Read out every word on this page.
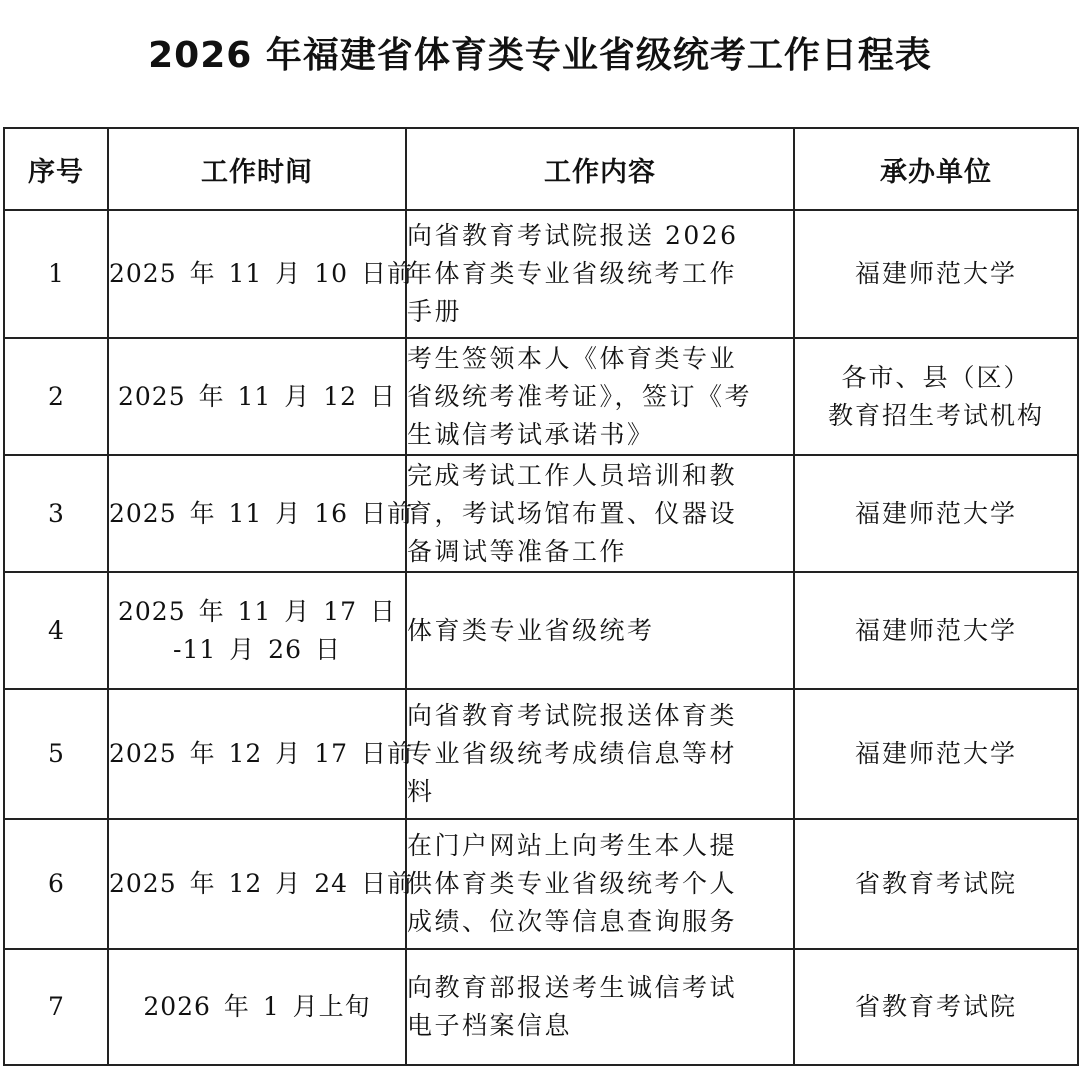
2026 年福建省体育类专业省级统考工作日程表
序号	工作时间	工作内容	承办单位
1	2025 年 11 月 10 日前	向省教育考试院报送 2026
年体育类专业省级统考工作
手册	福建师范大学

2	2025 年 11 月 12 日	考生签领本人《体育类专业
省级统考准考证》，签订《考
生诚信考试承诺书》	各市、县（区）
教育招生考试机构

3	2025 年 11 月 16 日前	完成考试工作人员培训和教
育，考试场馆布置、仪器设
备调试等准备工作	福建师范大学

4	2025 年 11 月 17 日
-11 月 26 日	体育类专业省级统考	福建师范大学

5	2025 年 12 月 17 日前	向省教育考试院报送体育类
专业省级统考成绩信息等材
料	福建师范大学

6	2025 年 12 月 24 日前	在门户网站上向考生本人提
供体育类专业省级统考个人
成绩、位次等信息查询服务	省教育考试院

7	2026 年 1 月上旬	向教育部报送考生诚信考试
电子档案信息	省教育考试院
